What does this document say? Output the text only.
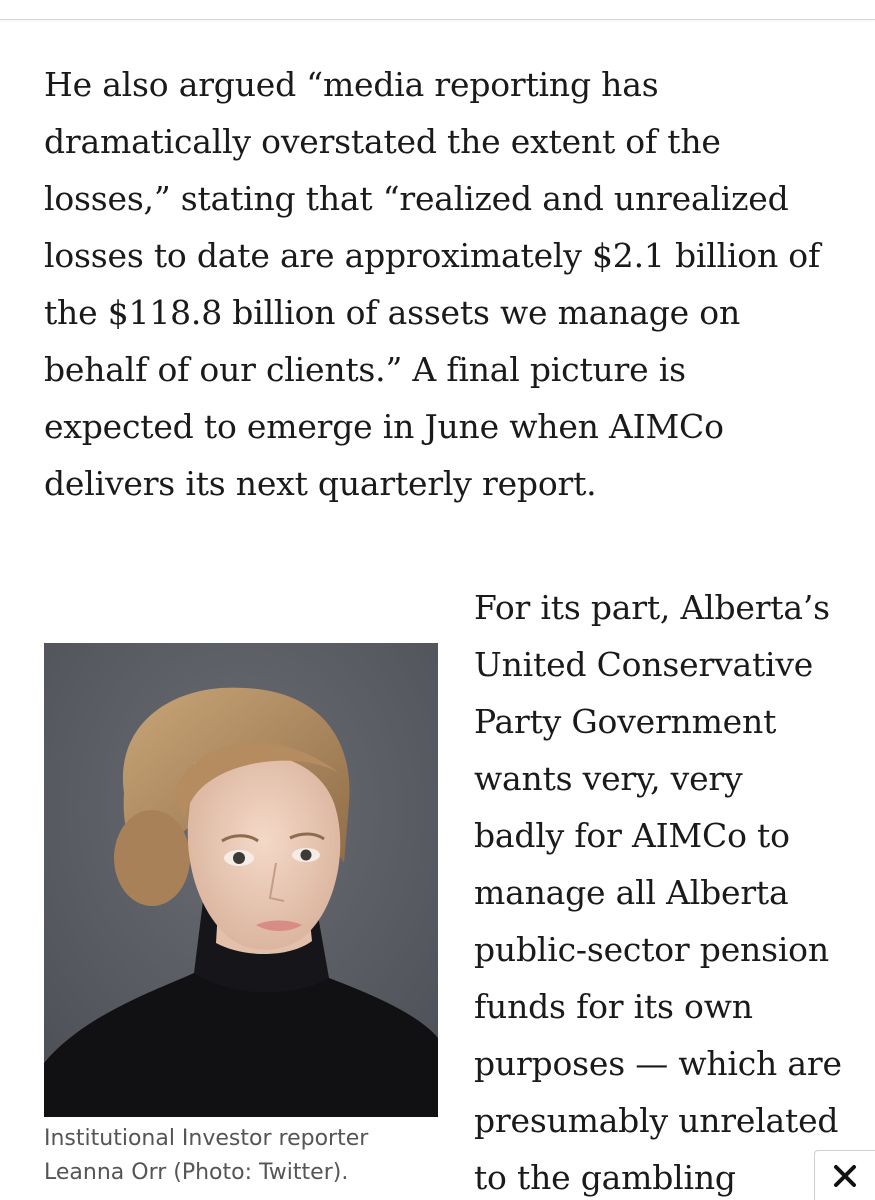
He also argued “media reporting has dramatically overstated the extent of the losses,” stating that “realized and unrealized losses to date are approximately $2.1 billion of the $118.8 billion of assets we manage on behalf of our clients.” A final picture is expected to emerge in June when AIMCo delivers its next quarterly report.

Institutional Investor reporter Leanna Orr (Photo: Twitter).

For its part, Alberta’s
United Conservative
Party Government
wants very, very
badly for AIMCo to
manage all Alberta
public-sector pension
funds for its own
purposes — which are
presumably unrelated
to the gambling
